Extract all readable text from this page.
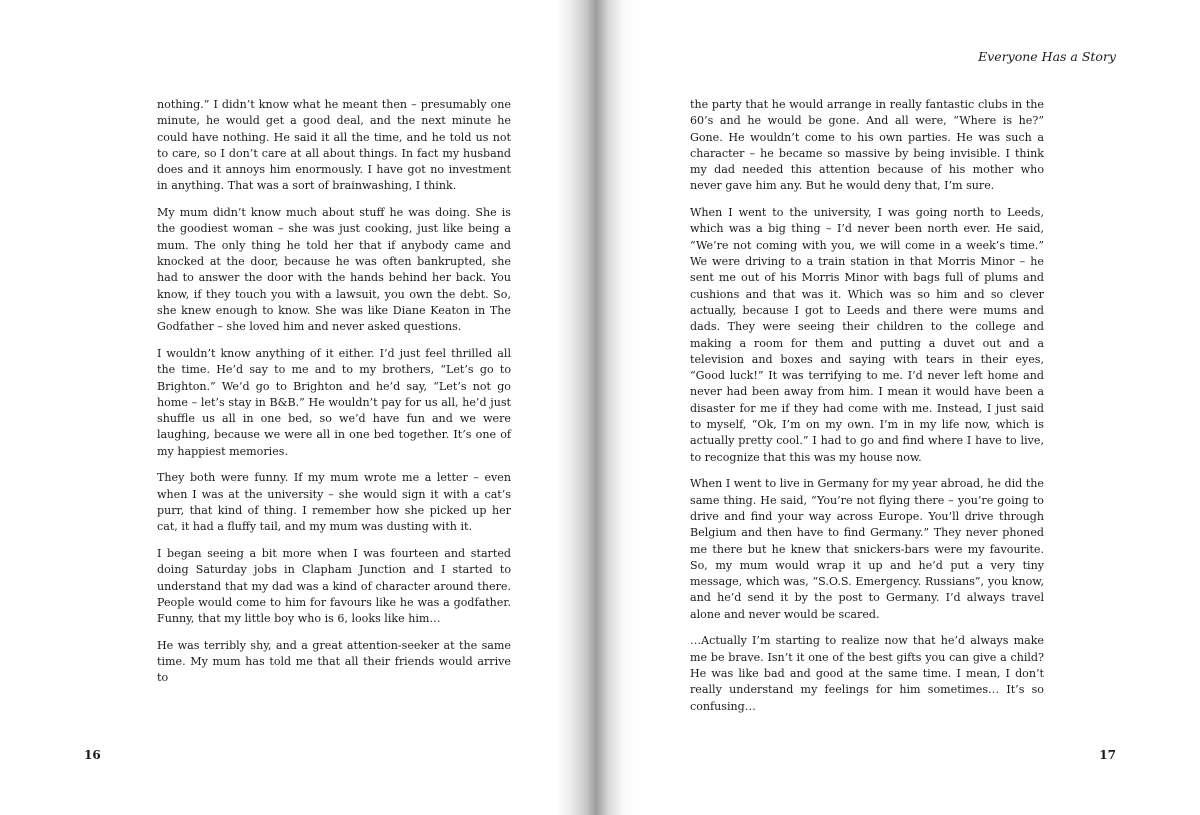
nothing.” I didn’t know what he meant then – presumably one minute, he would get a good deal, and the next minute he could have nothing. He said it all the time, and he told us not to care, so I don’t care at all about things. In fact my husband does and it annoys him enormously. I have got no investment in anything. That was a sort of brainwashing, I think.

My mum didn’t know much about stuff he was doing. She is the goodiest woman – she was just cooking, just like being a mum. The only thing he told her that if anybody came and knocked at the door, because he was often bankrupted, she had to answer the door with the hands behind her back. You know, if they touch you with a lawsuit, you own the debt. So, she knew enough to know. She was like Diane Keaton in The Godfather – she loved him and never asked questions.

I wouldn’t know anything of it either. I’d just feel thrilled all the time. He’d say to me and to my brothers, “Let’s go to Brighton.” We’d go to Brighton and he’d say, “Let’s not go home – let’s stay in B&B.” He wouldn’t pay for us all, he’d just shuffle us all in one bed, so we’d have fun and we were laughing, because we were all in one bed together. It’s one of my happiest memories.

They both were funny. If my mum wrote me a letter – even when I was at the university – she would sign it with a cat’s purr, that kind of thing. I remember how she picked up her cat, it had a fluffy tail, and my mum was dusting with it.

I began seeing a bit more when I was fourteen and started doing Saturday jobs in Clapham Junction and I started to understand that my dad was a kind of character around there. People would come to him for favours like he was a godfather. Funny, that my little boy who is 6, looks like him…

He was terribly shy, and a great attention-seeker at the same time. My mum has told me that all their friends would arrive to

16
Everyone Has a Story

the party that he would arrange in really fantastic clubs in the 60’s and he would be gone. And all were, “Where is he?” Gone. He wouldn’t come to his own parties. He was such a character – he became so massive by being invisible. I think my dad needed this attention because of his mother who never gave him any. But he would deny that, I’m sure.

When I went to the university, I was going north to Leeds, which was a big thing – I’d never been north ever. He said, “We’re not coming with you, we will come in a week’s time.” We were driving to a train station in that Morris Minor – he sent me out of his Morris Minor with bags full of plums and cushions and that was it. Which was so him and so clever actually, because I got to Leeds and there were mums and dads. They were seeing their children to the college and making a room for them and putting a duvet out and a television and boxes and saying with tears in their eyes, “Good luck!” It was terrifying to me. I’d never left home and never had been away from him. I mean it would have been a disaster for me if they had come with me. Instead, I just said to myself, “Ok, I’m on my own. I’m in my life now, which is actually pretty cool.” I had to go and find where I have to live, to recognize that this was my house now.

When I went to live in Germany for my year abroad, he did the same thing. He said, “You’re not flying there – you’re going to drive and find your way across Europe. You’ll drive through Belgium and then have to find Germany.” They never phoned me there but he knew that snickers-bars were my favourite. So, my mum would wrap it up and he’d put a very tiny message, which was, “S.O.S. Emergency. Russians”, you know, and he’d send it by the post to Germany. I’d always travel alone and never would be scared.

…Actually I’m starting to realize now that he’d always make me be brave. Isn’t it one of the best gifts you can give a child? He was like bad and good at the same time. I mean, I don’t really understand my feelings for him sometimes… It’s so confusing…

17
